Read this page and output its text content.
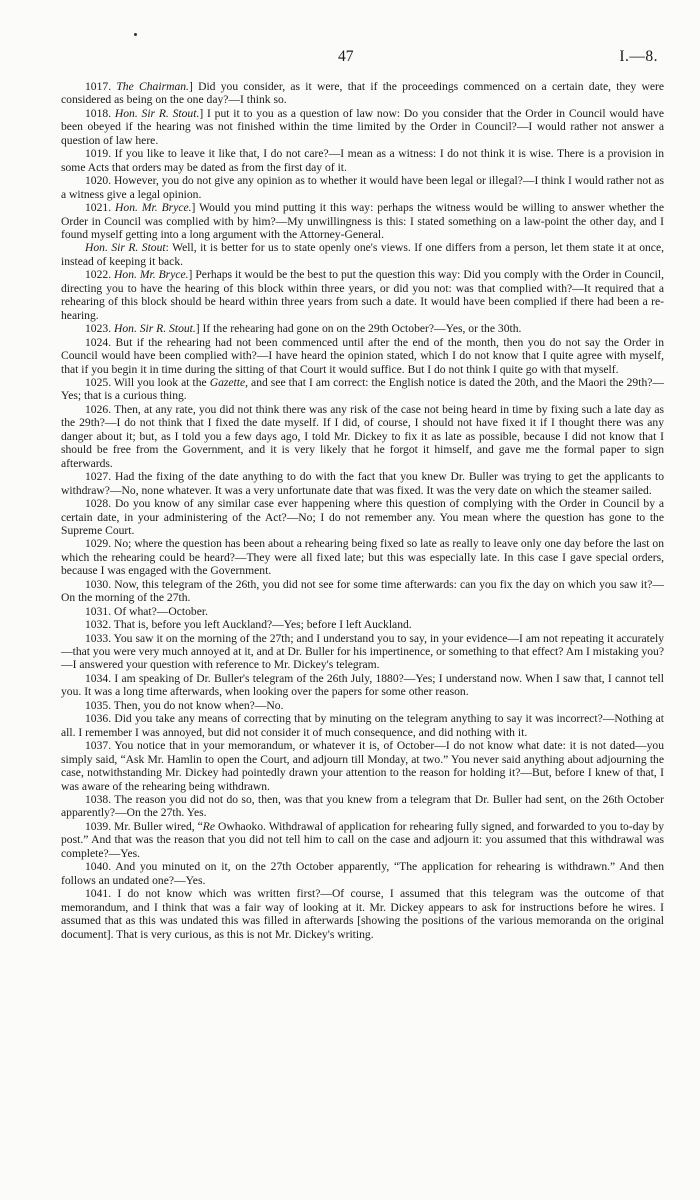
47	I.—8.

1017. The Chairman.] Did you consider, as it were, that if the proceedings commenced on a certain date, they were considered as being on the one day?—I think so.

1018. Hon. Sir R. Stout.] I put it to you as a question of law now: Do you consider that the Order in Council would have been obeyed if the hearing was not finished within the time limited by the Order in Council?—I would rather not answer a question of law here.

1019. If you like to leave it like that, I do not care?—I mean as a witness: I do not think it is wise. There is a provision in some Acts that orders may be dated as from the first day of it.

1020. However, you do not give any opinion as to whether it would have been legal or illegal?—I think I would rather not as a witness give a legal opinion.

1021. Hon. Mr. Bryce.] Would you mind putting it this way: perhaps the witness would be willing to answer whether the Order in Council was complied with by him?—My unwillingness is this: I stated something on a law-point the other day, and I found myself getting into a long argument with the Attorney-General.

Hon. Sir R. Stout: Well, it is better for us to state openly one's views. If one differs from a person, let them state it at once, instead of keeping it back.

1022. Hon. Mr. Bryce.] Perhaps it would be the best to put the question this way: Did you comply with the Order in Council, directing you to have the hearing of this block within three years, or did you not: was that complied with?—It required that a rehearing of this block should be heard within three years from such a date. It would have been complied if there had been a re-hearing.

1023. Hon. Sir R. Stout.] If the rehearing had gone on on the 29th October?—Yes, or the 30th.

1024. But if the rehearing had not been commenced until after the end of the month, then you do not say the Order in Council would have been complied with?—I have heard the opinion stated, which I do not know that I quite agree with myself, that if you begin it in time during the sitting of that Court it would suffice. But I do not think I quite go with that myself.

1025. Will you look at the Gazette, and see that I am correct: the English notice is dated the 20th, and the Maori the 29th?—Yes; that is a curious thing.

1026. Then, at any rate, you did not think there was any risk of the case not being heard in time by fixing such a late day as the 29th?—I do not think that I fixed the date myself. If I did, of course, I should not have fixed it if I thought there was any danger about it; but, as I told you a few days ago, I told Mr. Dickey to fix it as late as possible, because I did not know that I should be free from the Government, and it is very likely that he forgot it himself, and gave me the formal paper to sign afterwards.

1027. Had the fixing of the date anything to do with the fact that you knew Dr. Buller was trying to get the applicants to withdraw?—No, none whatever. It was a very unfortunate date that was fixed. It was the very date on which the steamer sailed.

1028. Do you know of any similar case ever happening where this question of complying with the Order in Council by a certain date, in your administering of the Act?—No; I do not remember any. You mean where the question has gone to the Supreme Court.

1029. No; where the question has been about a rehearing being fixed so late as really to leave only one day before the last on which the rehearing could be heard?—They were all fixed late; but this was especially late. In this case I gave special orders, because I was engaged with the Government.

1030. Now, this telegram of the 26th, you did not see for some time afterwards: can you fix the day on which you saw it?—On the morning of the 27th.

1031. Of what?—October.

1032. That is, before you left Auckland?—Yes; before I left Auckland.

1033. You saw it on the morning of the 27th; and I understand you to say, in your evidence—I am not repeating it accurately—that you were very much annoyed at it, and at Dr. Buller for his impertinence, or something to that effect? Am I mistaking you?—I answered your question with reference to Mr. Dickey's telegram.

1034. I am speaking of Dr. Buller's telegram of the 26th July, 1880?—Yes; I understand now. When I saw that, I cannot tell you. It was a long time afterwards, when looking over the papers for some other reason.

1035. Then, you do not know when?—No.

1036. Did you take any means of correcting that by minuting on the telegram anything to say it was incorrect?—Nothing at all. I remember I was annoyed, but did not consider it of much consequence, and did nothing with it.

1037. You notice that in your memorandum, or whatever it is, of October—I do not know what date: it is not dated—you simply said, “Ask Mr. Hamlin to open the Court, and adjourn till Monday, at two.” You never said anything about adjourning the case, notwithstanding Mr. Dickey had pointedly drawn your attention to the reason for holding it?—But, before I knew of that, I was aware of the rehearing being withdrawn.

1038. The reason you did not do so, then, was that you knew from a telegram that Dr. Buller had sent, on the 26th October apparently?—On the 27th. Yes.

1039. Mr. Buller wired, “Re Owhaoko. Withdrawal of application for rehearing fully signed, and forwarded to you to-day by post.” And that was the reason that you did not tell him to call on the case and adjourn it: you assumed that this withdrawal was complete?—Yes.

1040. And you minuted on it, on the 27th October apparently, “The application for rehearing is withdrawn.” And then follows an undated one?—Yes.

1041. I do not know which was written first?—Of course, I assumed that this telegram was the outcome of that memorandum, and I think that was a fair way of looking at it. Mr. Dickey appears to ask for instructions before he wires. I assumed that as this was undated this was filled in afterwards [showing the positions of the various memoranda on the original document]. That is very curious, as this is not Mr. Dickey's writing.
